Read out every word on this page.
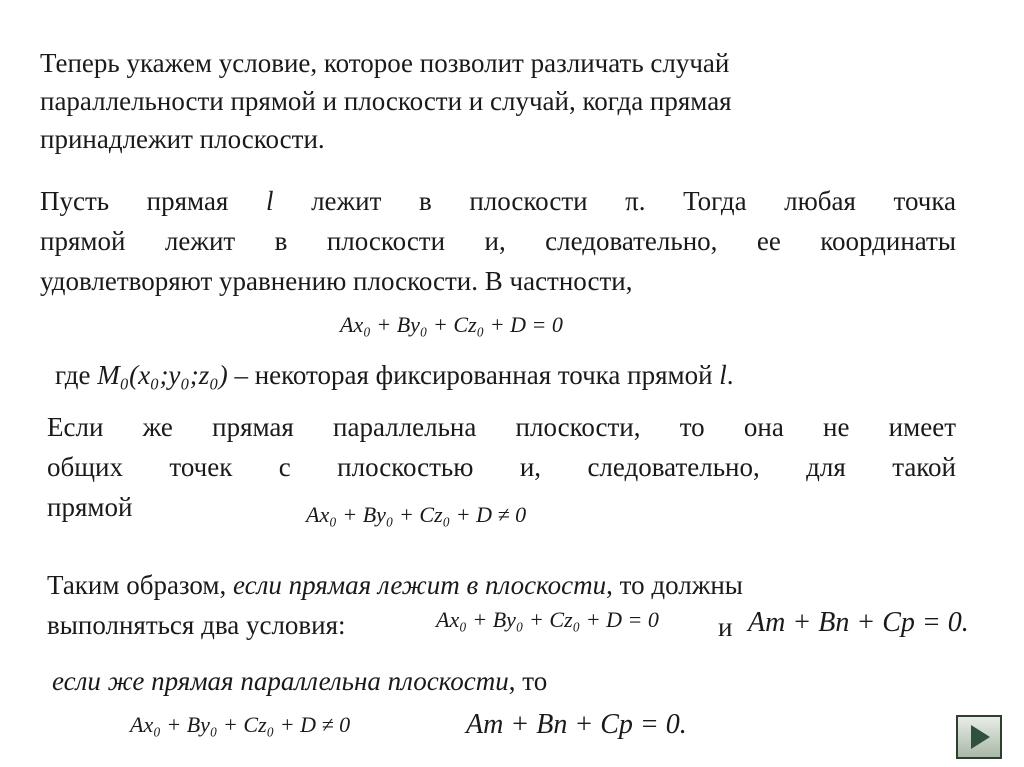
Теперь укажем условие, которое позволит различать случай
параллельности прямой и плоскости и случай, когда прямая
принадлежит плоскости.
Пусть прямая l лежит в плоскости π. Тогда любая точка
прямой лежит в плоскости и, следовательно, ее координаты
удовлетворяют уравнению плоскости. В частности,
Ax₀ + By₀ + Cz₀ + D = 0
где M₀(x₀;y₀;z₀) – некоторая фиксированная точка прямой l.
Если же прямая параллельна плоскости, то она не имеет
общих точек с плоскостью и, следовательно, для такой
прямой	Ax₀ + By₀ + Cz₀ + D ≠ 0
Таким образом, если прямая лежит в плоскости, то должны
выполняться два условия:	Ax₀ + By₀ + Cz₀ + D = 0 и Am + Bn + Cp = 0.
если же прямая параллельна плоскости, то
Ax₀ + By₀ + Cz₀ + D ≠ 0	Am + Bn + Cp = 0.
